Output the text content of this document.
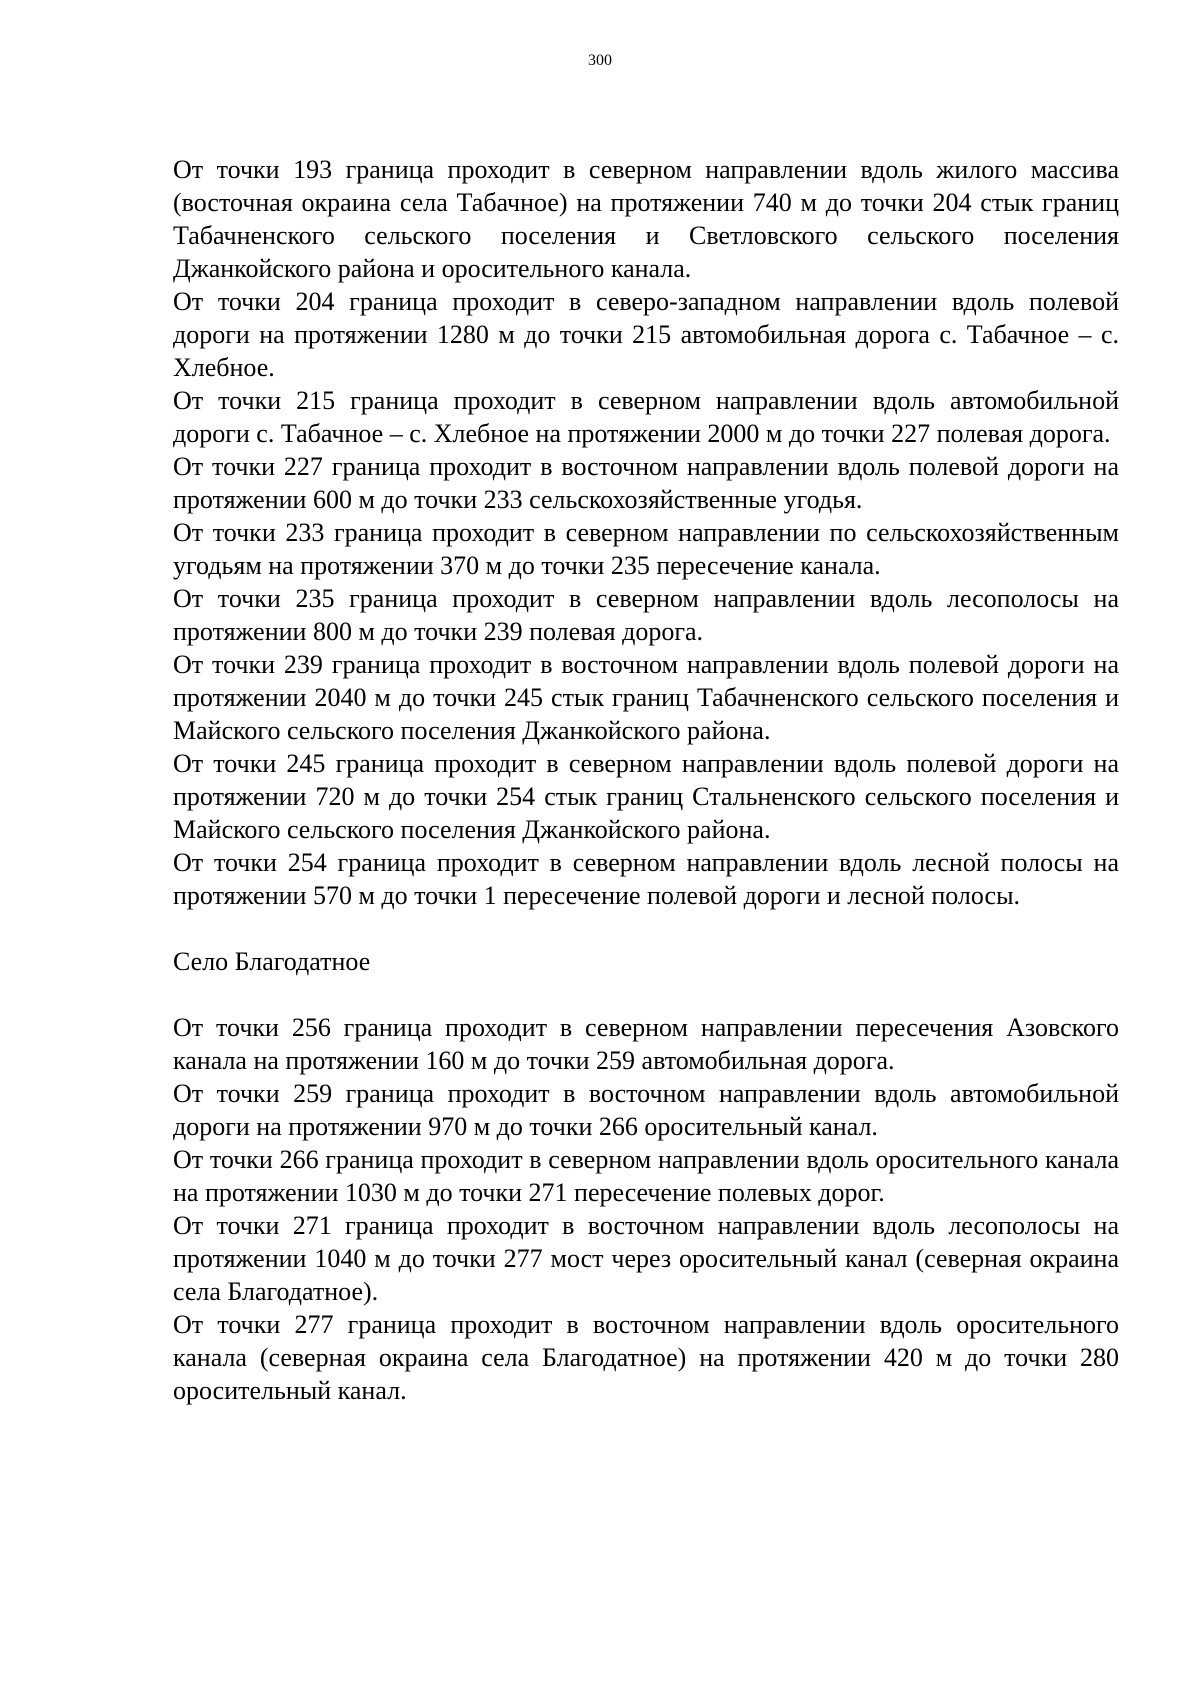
300

От точки 193 граница проходит в северном направлении вдоль жилого массива (восточная окраина села Табачное) на протяжении 740 м до точки 204 стык границ Табачненского сельского поселения и Светловского сельского поселения Джанкойского района и оросительного канала.

От точки 204 граница проходит в северо-западном направлении вдоль полевой дороги на протяжении 1280 м до точки 215 автомобильная дорога с. Табачное – с. Хлебное.

От точки 215 граница проходит в северном направлении вдоль автомобильной дороги с. Табачное – с. Хлебное на протяжении 2000 м до точки 227 полевая дорога.

От точки 227 граница проходит в восточном направлении вдоль полевой дороги на протяжении 600 м до точки 233 сельскохозяйственные угодья.

От точки 233 граница проходит в северном направлении по сельскохозяйственным угодьям на протяжении 370 м до точки 235 пересечение канала.

От точки 235 граница проходит в северном направлении вдоль лесополосы на протяжении 800 м до точки 239 полевая дорога.

От точки 239 граница проходит в восточном направлении вдоль полевой дороги на протяжении 2040 м до точки 245 стык границ Табачненского сельского поселения и Майского сельского поселения Джанкойского района.

От точки 245 граница проходит в северном направлении вдоль полевой дороги на протяжении 720 м до точки 254 стык границ Стальненского сельского поселения и Майского сельского поселения Джанкойского района.

От точки 254 граница проходит в северном направлении вдоль лесной полосы на протяжении 570 м до точки 1 пересечение полевой дороги и лесной полосы.

Село Благодатное

От точки 256 граница проходит в северном направлении пересечения Азовского канала на протяжении 160 м до точки 259 автомобильная дорога.

От точки 259 граница проходит в восточном направлении вдоль автомобильной дороги на протяжении 970 м до точки 266 оросительный канал.

От точки 266 граница проходит в северном направлении вдоль оросительного канала на протяжении 1030 м до точки 271 пересечение полевых дорог.

От точки 271 граница проходит в восточном направлении вдоль лесополосы на протяжении 1040 м до точки 277 мост через оросительный канал (северная окраина села Благодатное).

От точки 277 граница проходит в восточном направлении вдоль оросительного канала (северная окраина села Благодатное) на протяжении 420 м до точки 280 оросительный канал.
